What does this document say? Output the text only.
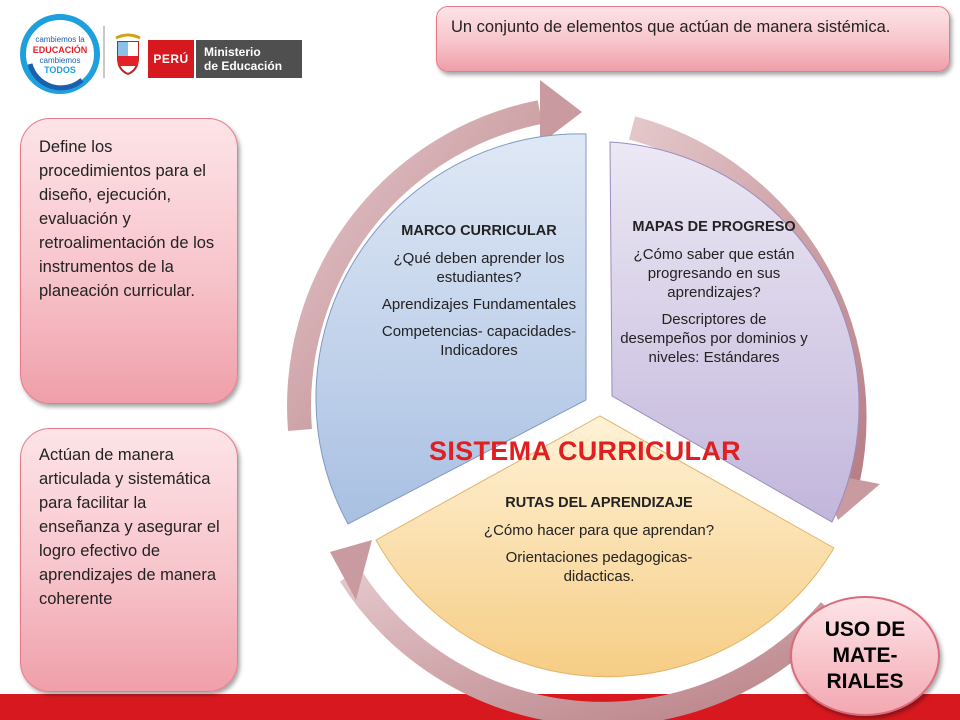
cambiemos la
EDUCACIÓN
cambiemos
TODOS
PERÚ Ministerio
de Educación
MARCO CURRICULAR
¿Qué deben aprender los estudiantes?
Aprendizajes Fundamentales
Competencias- capacidades- Indicadores
MAPAS DE PROGRESO
¿Cómo saber que están progresando en sus aprendizajes?
Descriptores de desempeños por dominios y niveles: Estándares
RUTAS DEL APRENDIZAJE
¿Cómo hacer para que aprendan?
Orientaciones pedagogicas-didacticas.
SISTEMA CURRICULAR
Un conjunto de elementos que actúan de manera sistémica.
Define los procedimientos para el diseño, ejecución, evaluación y retroalimentación de los instrumentos de la planeación curricular.
Actúan de manera articulada y sistemática para facilitar la enseñanza y asegurar el logro efectivo de aprendizajes de manera coherente
USO DE MATE-RIALES
